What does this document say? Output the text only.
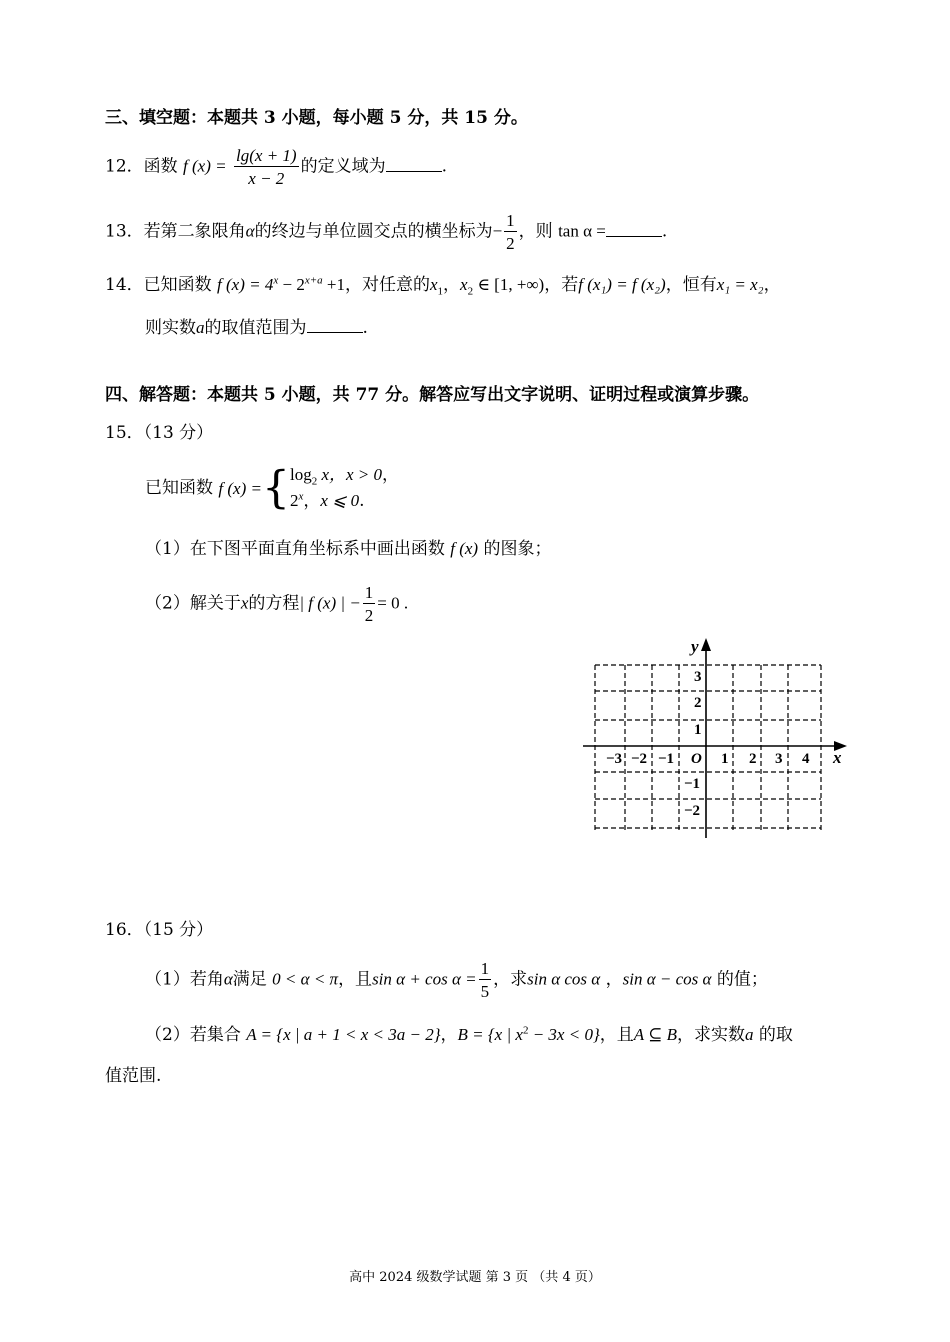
三、填空题：本题共 3 小题，每小题 5 分，共 15 分。
12．函数 f $(x) = \frac{\lg(x + 1)}{x - 2}$ 的定义域为	.
13．若第二象限角α的终边与单位圆交点的横坐标为− $\frac{1}{2}$ ，则 tan α =	.
14．已知函数 f $(x) = 4^x - 2^{x+a} +1$，对任意的$x_1$，$x_2$ ∈ [1, +∞)，若f (x₁) = f (x₂)，恒有x₁ = x₂，
则实数a的取值范围为	.
四、解答题：本题共 5 小题，共 77 分。解答应写出文字说明、证明过程或演算步骤。
15．（13 分）
已知函数 f (x) ={ $\log_2 x$，x > 0，
2$^x$，x ⩽ 0.
（1）在下图平面直角坐标系中画出函数 f (x) 的图象；
（2）解关于x的方程| f (x) | − $\frac{1}{2} = 0$ .
x
y
O
−3 −2 −1	1 2 3 4
3
2
1
−1
−2
16．（15 分）
（1）若角α满足 0 < α < π，且$\sin \alpha + \cos \alpha = \frac{1}{5}$ ，求sin α cos α ，sin α − cos α 的值；
（2）若集合 A = {x | a + 1 < x < 3a − 2}，B = {x | $x^2 - 3x < 0$}，且A ⊆ B，求实数a 的取
值范围.
高中 2024 级数学试题 第 3 页 （共 4 页）
